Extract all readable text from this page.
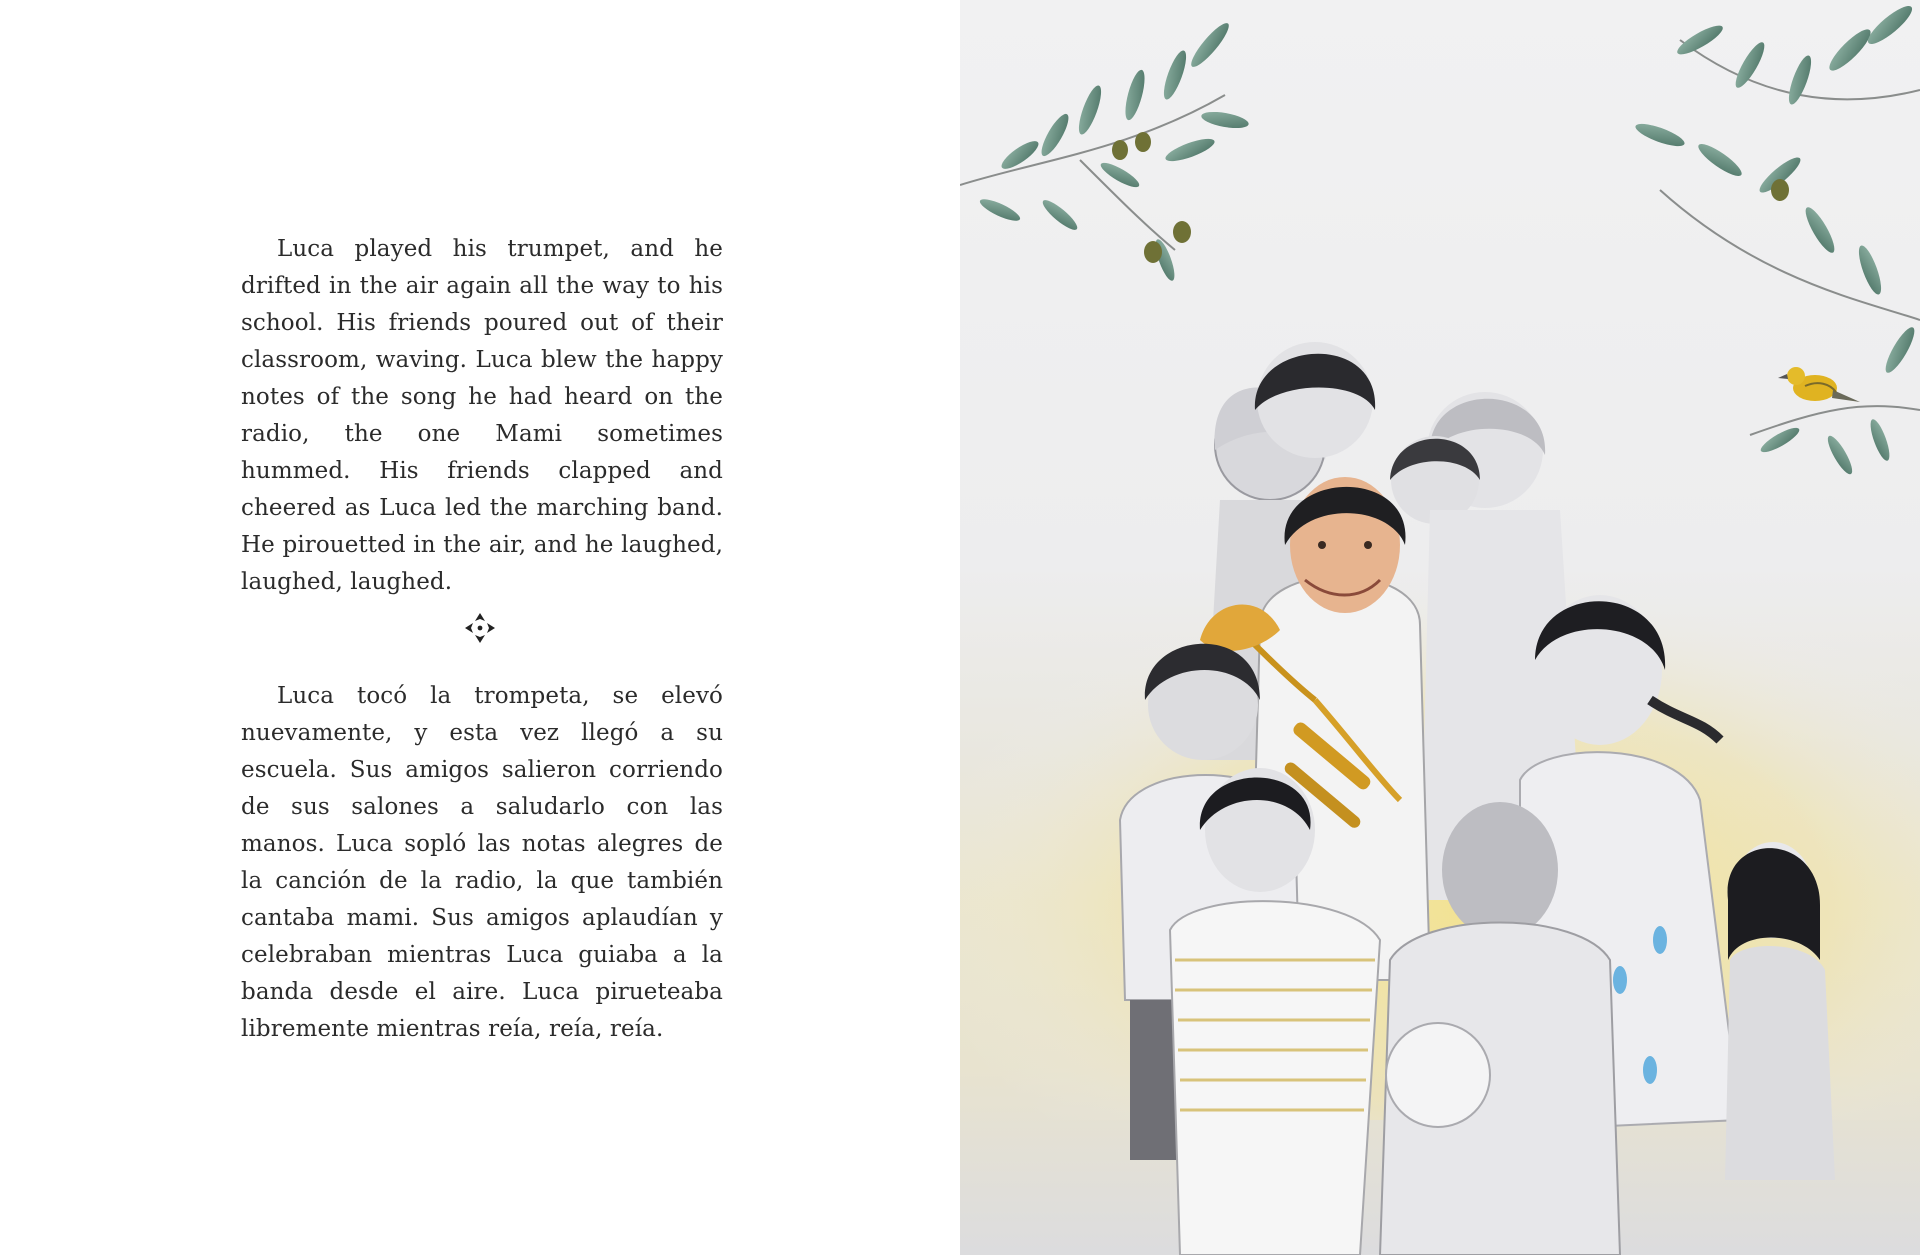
Luca played his trumpet, and he drifted in the air again all the way to his school. His friends poured out of their classroom, waving. Luca blew the happy notes of the song he had heard on the radio, the one Mami sometimes hummed. His friends clapped and cheered as Luca led the marching band. He pirouetted in the air, and he laughed, laughed, laughed.

Luca tocó la trompeta, se elevó nuevamente, y esta vez llegó a su escuela. Sus amigos salieron corriendo de sus salones a saludarlo con las manos. Luca sopló las notas alegres de la canción de la radio, la que también cantaba mami. Sus amigos aplaudían y celebraban mientras Luca guiaba a la banda desde el aire. Luca pirueteaba libremente mientras reía, reía, reía.
